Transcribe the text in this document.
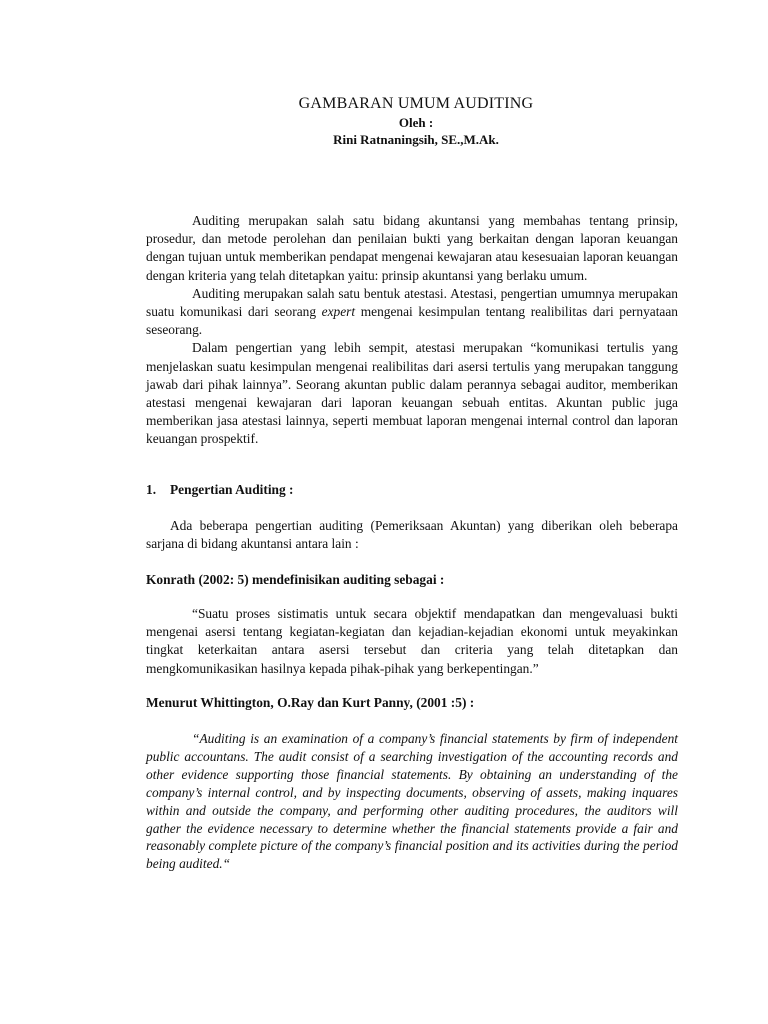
GAMBARAN UMUM AUDITING
Oleh :
Rini Ratnaningsih, SE.,M.Ak.

Auditing merupakan salah satu bidang akuntansi yang membahas tentang prinsip, prosedur, dan metode perolehan dan penilaian bukti yang berkaitan dengan laporan keuangan dengan tujuan untuk memberikan pendapat mengenai kewajaran atau kesesuaian laporan keuangan dengan kriteria yang telah ditetapkan yaitu: prinsip akuntansi yang berlaku umum.

Auditing merupakan salah satu bentuk atestasi. Atestasi, pengertian umumnya merupakan suatu komunikasi dari seorang expert mengenai kesimpulan tentang realibilitas dari pernyataan seseorang.

Dalam pengertian yang lebih sempit, atestasi merupakan “komunikasi tertulis yang menjelaskan suatu kesimpulan mengenai realibilitas dari asersi tertulis yang merupakan tanggung jawab dari pihak lainnya”. Seorang akuntan public dalam perannya sebagai auditor, memberikan atestasi mengenai kewajaran dari laporan keuangan sebuah entitas. Akuntan public juga memberikan jasa atestasi lainnya, seperti membuat laporan mengenai internal control dan laporan keuangan prospektif.

1. Pengertian Auditing :

Ada beberapa pengertian auditing (Pemeriksaan Akuntan) yang diberikan oleh beberapa sarjana di bidang akuntansi antara lain :

Konrath (2002: 5) mendefinisikan auditing sebagai :

“Suatu proses sistimatis untuk secara objektif mendapatkan dan mengevaluasi bukti mengenai asersi tentang kegiatan-kegiatan dan kejadian-kejadian ekonomi untuk meyakinkan tingkat keterkaitan antara asersi tersebut dan criteria yang telah ditetapkan dan mengkomunikasikan hasilnya kepada pihak-pihak yang berkepentingan.”

Menurut Whittington, O.Ray dan Kurt Panny, (2001 :5) :

“Auditing is an examination of a company’s financial statements by firm of independent public accountans. The audit consist of a searching investigation of the accounting records and other evidence supporting those financial statements. By obtaining an understanding of the company’s internal control, and by inspecting documents, observing of assets, making inquares within and outside the company, and performing other auditing procedures, the auditors will gather the evidence necessary to determine whether the financial statements provide a fair and reasonably complete picture of the company’s financial position and its activities during the period being audited.“
